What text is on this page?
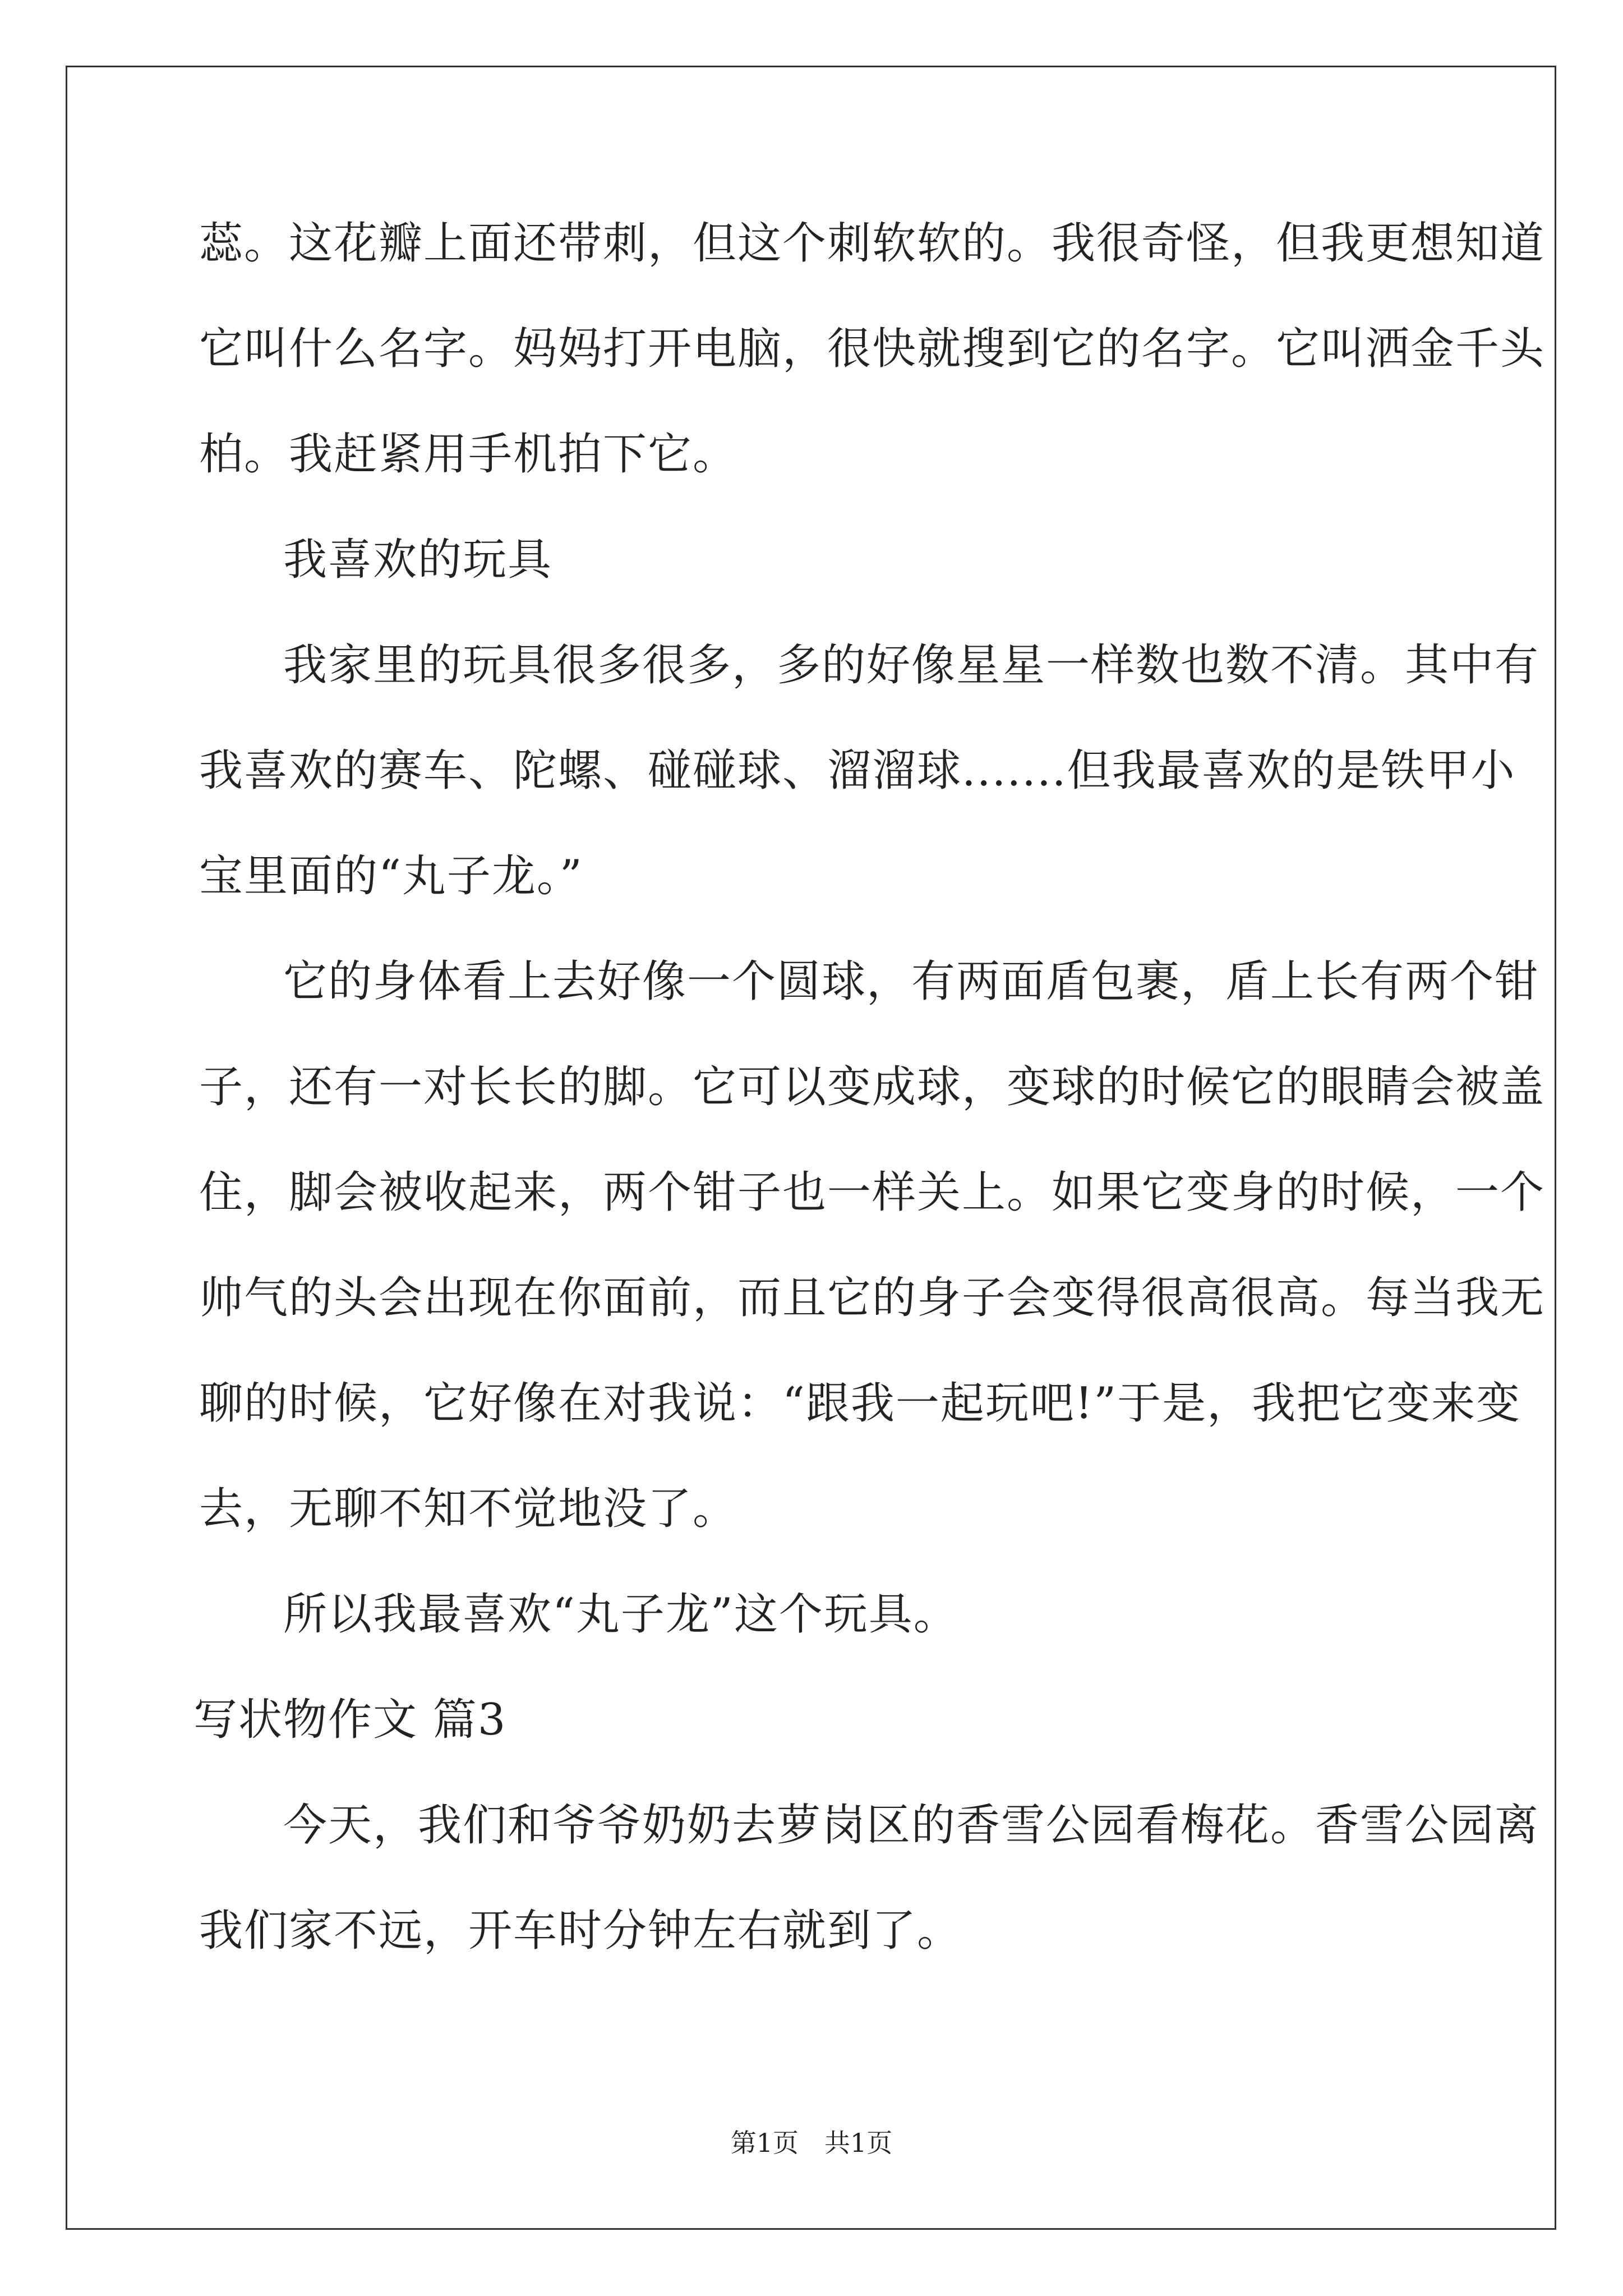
蕊。这花瓣上面还带刺，但这个刺软软的。我很奇怪，但我更想知道
它叫什么名字。妈妈打开电脑，很快就搜到它的名字。它叫洒金千头
柏。我赶紧用手机拍下它。
我喜欢的玩具
我家里的玩具很多很多，多的好像星星一样数也数不清。其中有
我喜欢的赛车、陀螺、碰碰球、溜溜球.......但我最喜欢的是铁甲小
宝里面的“丸子龙。”
它的身体看上去好像一个圆球，有两面盾包裹，盾上长有两个钳
子，还有一对长长的脚。它可以变成球，变球的时候它的眼睛会被盖
住，脚会被收起来，两个钳子也一样关上。如果它变身的时候，一个
帅气的头会出现在你面前，而且它的身子会变得很高很高。每当我无
聊的时候，它好像在对我说：“跟我一起玩吧!”于是，我把它变来变
去，无聊不知不觉地没了。
所以我最喜欢“丸子龙”这个玩具。
写状物作文 篇3
今天，我们和爷爷奶奶去萝岗区的香雪公园看梅花。香雪公园离
我们家不远，开车时分钟左右就到了。
第1页　共1页
